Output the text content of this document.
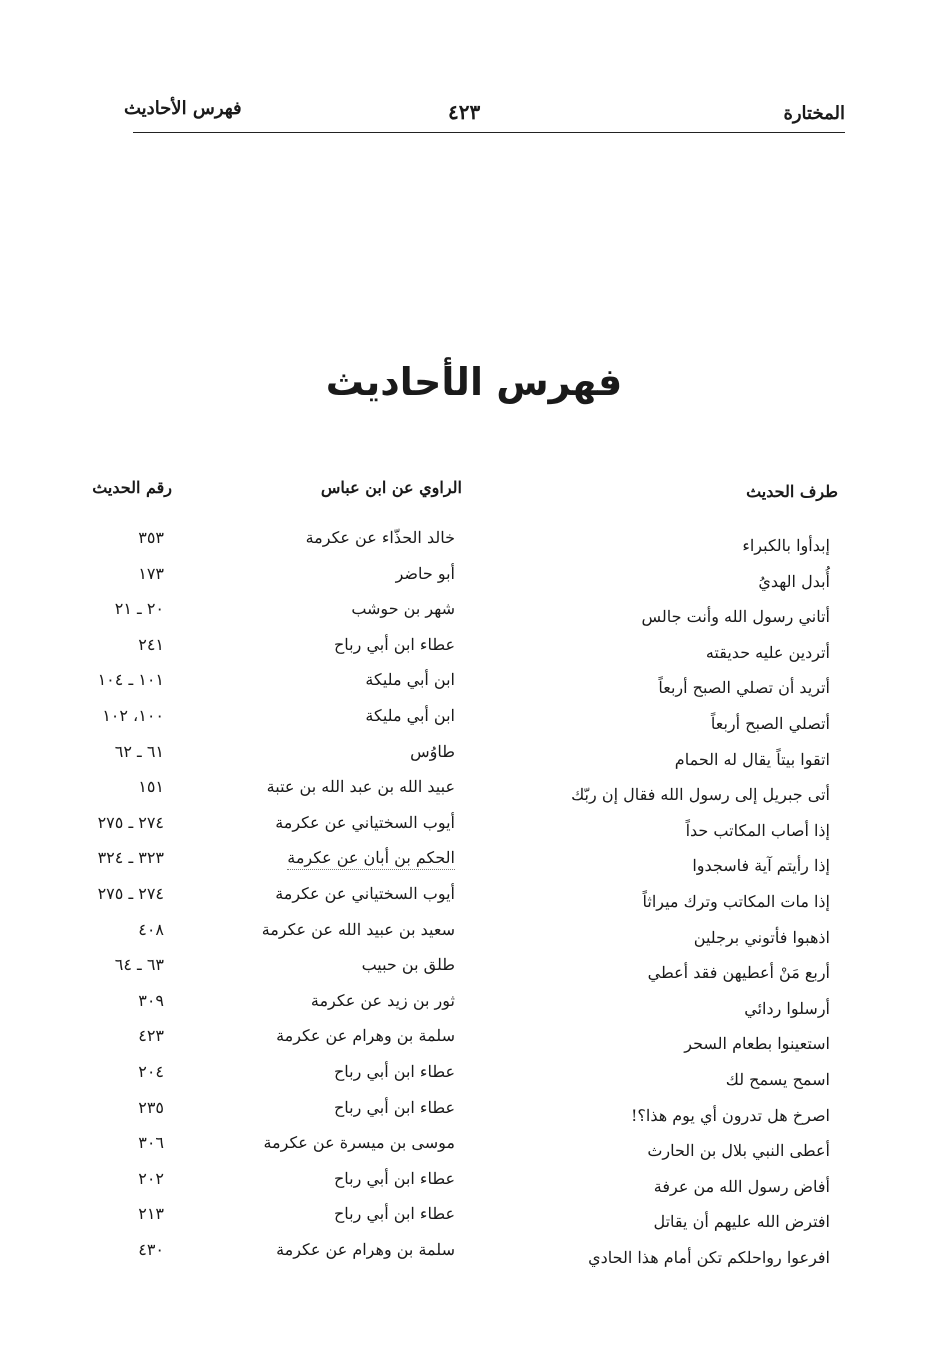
المختارة
٤٢٣
فهرس الأحاديث
فهرس الأحاديث
طرف الحديث
الراوي عن ابن عباس
رقم الحديث
إبدأوا بالكبراء
خالد الحذّاء عن عكرمة
٣٥٣
أُبدل الهديُ
أبو حاضر
١٧٣
أتاني رسول الله وأنت جالس
شهر بن حوشب
٢٠ ـ ٢١
أتردين عليه حديقته
عطاء ابن أبي رباح
٢٤١
أتريد أن تصلي الصبح أربعاً
ابن أبي مليكة
١٠١ ـ ١٠٤
أتصلي الصبح أربعاً
ابن أبي مليكة
١٠٠، ١٠٢
اتقوا بيتاً يقال له الحمام
طاوُس
٦١ ـ ٦٢
أتى جبريل إلى رسول الله فقال إن ربّك
عبيد الله بن عبد الله بن عتبة
١٥١
إذا أصاب المكاتب حداً
أيوب السختياني عن عكرمة
٢٧٤ ـ ٢٧٥
إذا رأيتم آية فاسجدوا
الحكم بن أبان عن عكرمة
٣٢٣ ـ ٣٢٤
إذا مات المكاتب وترك ميراثاً
أيوب السختياني عن عكرمة
٢٧٤ ـ ٢٧٥
اذهبوا فأتوني برجلين
سعيد بن عبيد الله عن عكرمة
٤٠٨
أربع مَنْ أعطيهن فقد أعطي
طلق بن حبيب
٦٣ ـ ٦٤
أرسلوا ردائي
ثور بن زيد عن عكرمة
٣٠٩
استعينوا بطعام السحر
سلمة بن وهرام عن عكرمة
٤٢٣
اسمح يسمح لك
عطاء ابن أبي رباح
٢٠٤
اصرخ هل تدرون أي يوم هذا؟!
عطاء ابن أبي رباح
٢٣٥
أعطى النبي بلال بن الحارث
موسى بن ميسرة عن عكرمة
٣٠٦
أفاض رسول الله من عرفة
عطاء ابن أبي رباح
٢٠٢
افترض الله عليهم أن يقاتل
عطاء ابن أبي رباح
٢١٣
افرعوا رواحلكم تكن أمام هذا الحادي
سلمة بن وهرام عن عكرمة
٤٣٠
